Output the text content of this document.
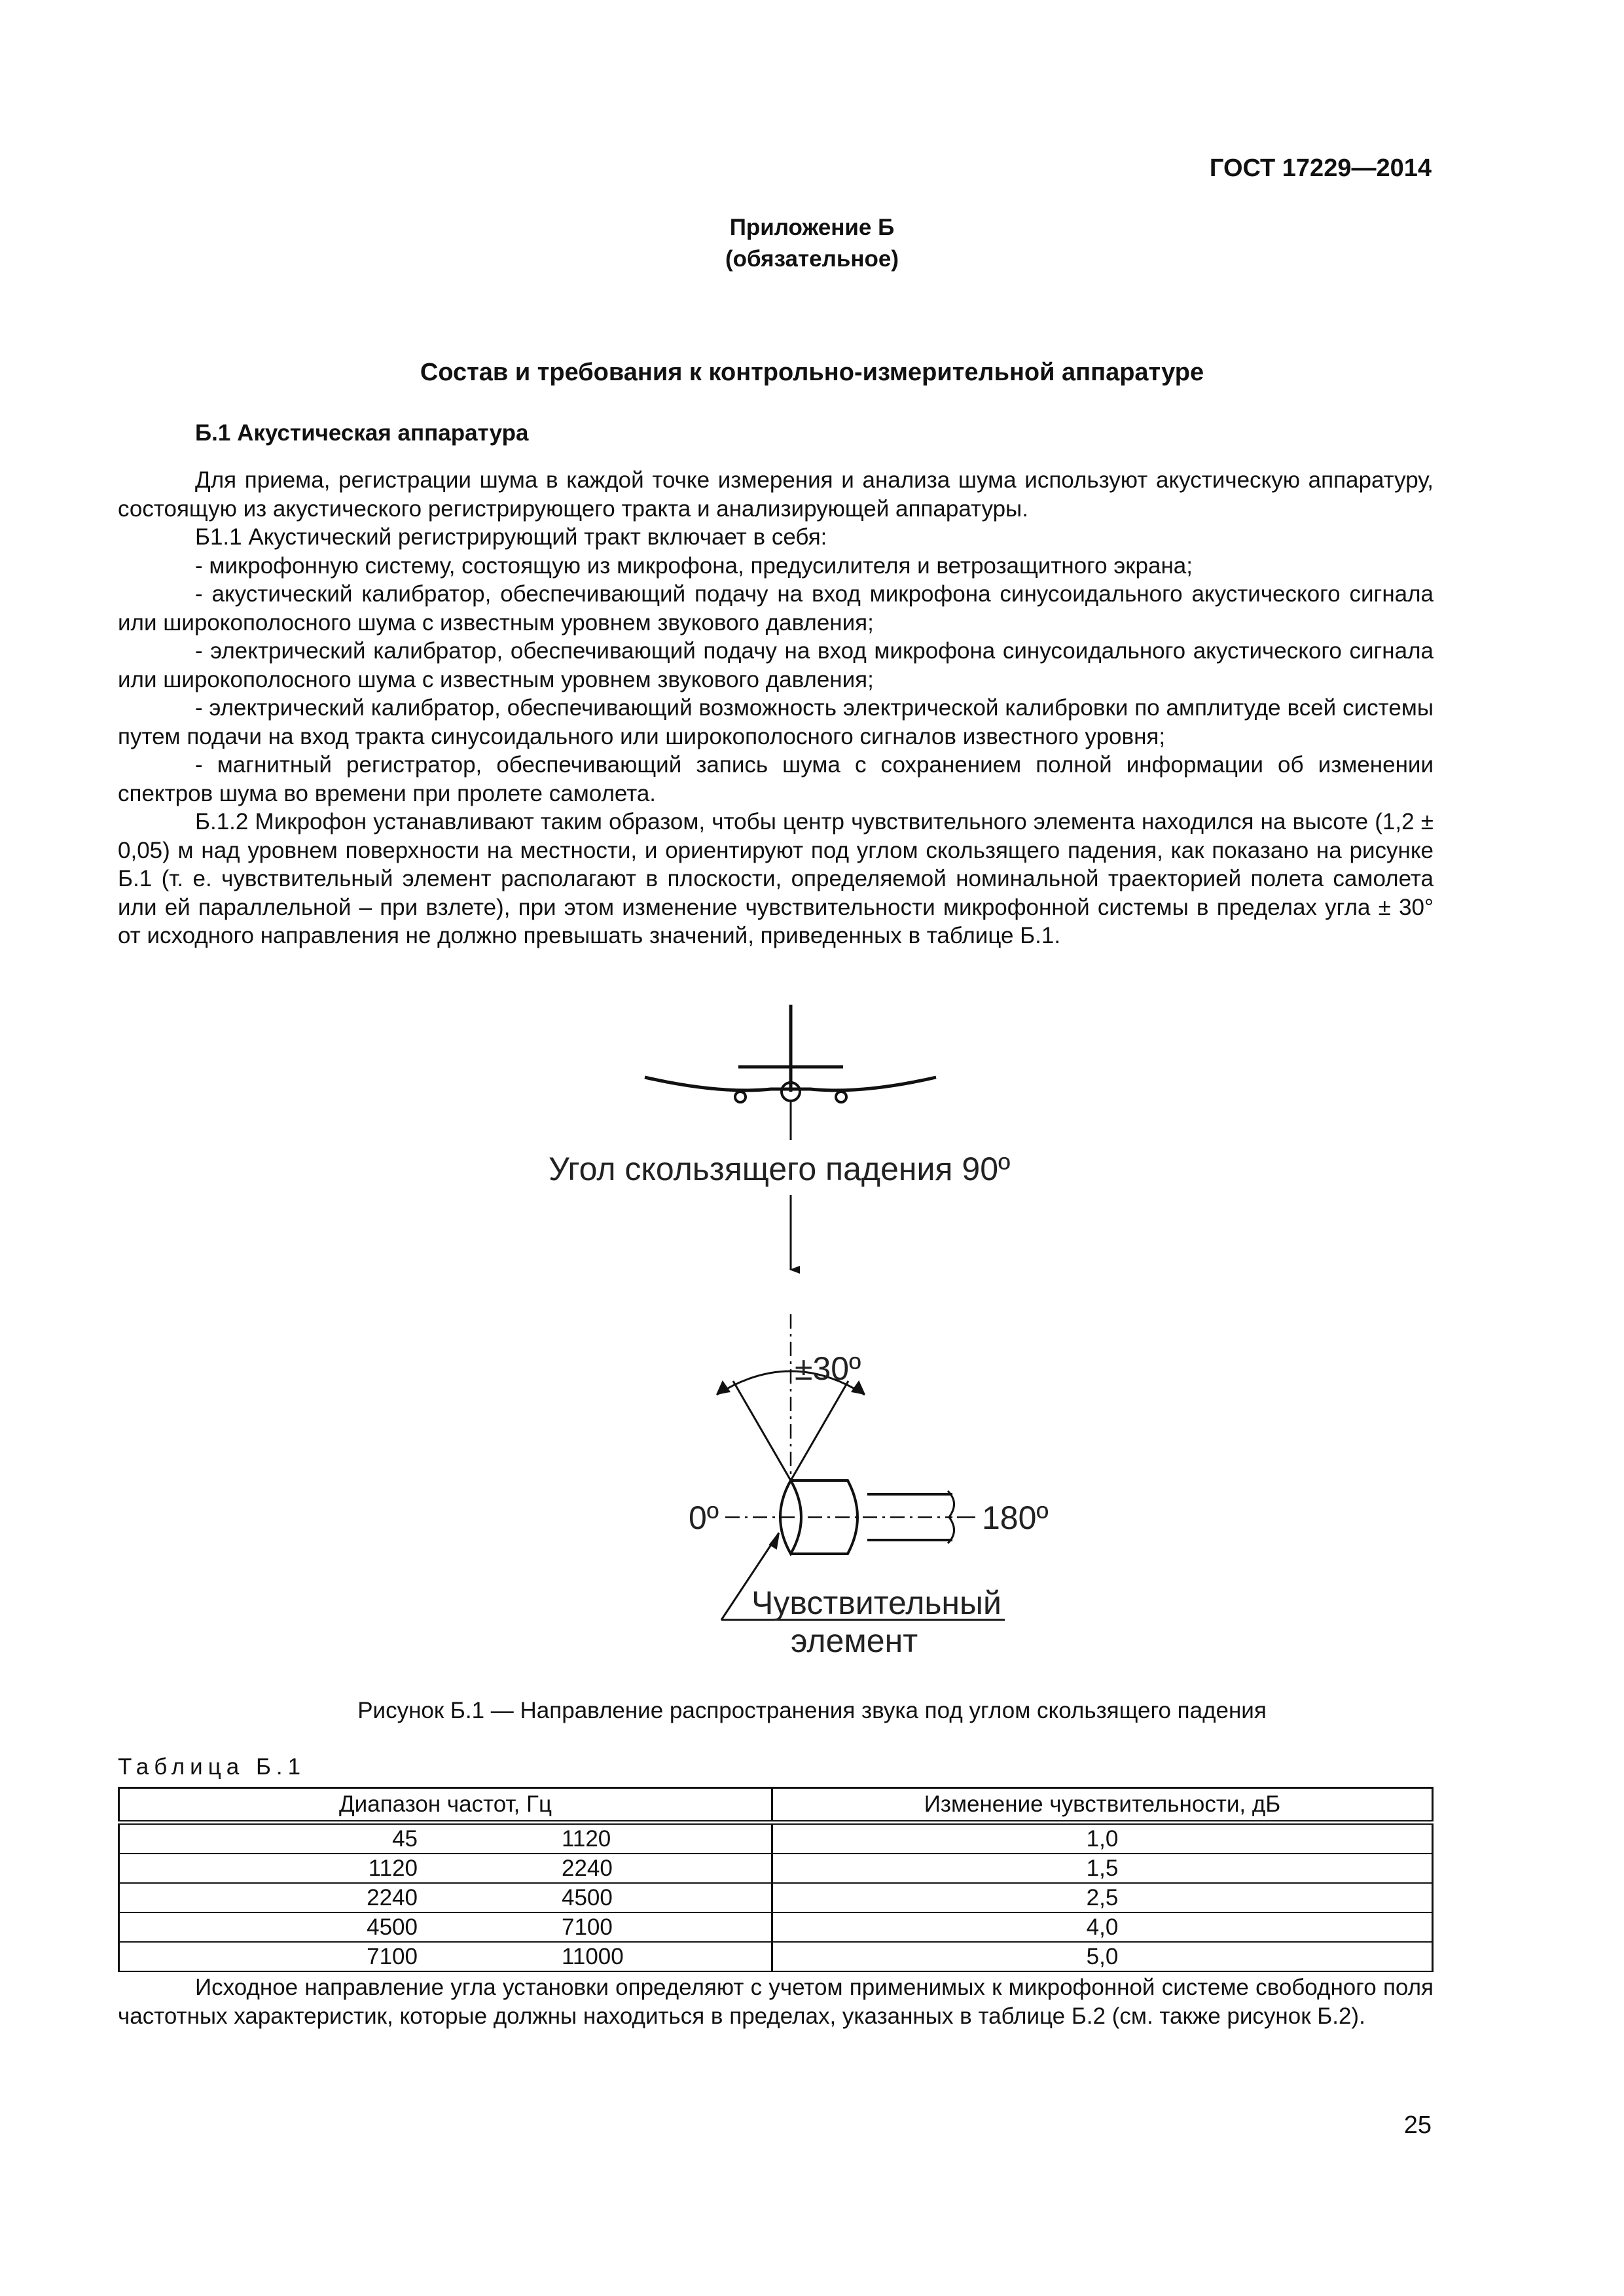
ГОСТ 17229—2014
Приложение Б
(обязательное)
Состав и требования к контрольно-измерительной аппаратуре
Б.1 Акустическая аппаратура

Для приема, регистрации шума в каждой точке измерения и анализа шума используют акустическую аппаратуру, состоящую из акустического регистрирующего тракта и анализирующей аппаратуры.

Б1.1 Акустический регистрирующий тракт включает в себя:

- микрофонную систему, состоящую из микрофона, предусилителя и ветрозащитного экрана;

- акустический калибратор, обеспечивающий подачу на вход микрофона синусоидального акустического сигнала или широкополосного шума с известным уровнем звукового давления;

- электрический калибратор, обеспечивающий подачу на вход микрофона синусоидального акустического сигнала или широкополосного шума с известным уровнем звукового давления;

- электрический калибратор, обеспечивающий возможность электрической калибровки по амплитуде всей системы путем подачи на вход тракта синусоидального или широкополосного сигналов известного уровня;

- магнитный регистратор, обеспечивающий запись шума с сохранением полной информации об изменении спектров шума во времени при пролете самолета.

Б.1.2 Микрофон устанавливают таким образом, чтобы центр чувствительного элемента находился на высоте (1,2 ± 0,05) м над уровнем поверхности на местности, и ориентируют под углом скользящего падения, как показано на рисунке Б.1 (т. е. чувствительный элемент располагают в плоскости, определяемой номинальной траекторией полета самолета или ей параллельной – при взлете), при этом изменение чувствительности микрофонной системы в пределах угла ± 30° от исходного направления не должно превышать значений, приведенных в таблице Б.1.

Угол скользящего падения 90º
±30º
0º	180º
Чувствительный
элемент
Рисунок Б.1 — Направление распространения звука под углом скользящего падения
Таблица Б.1
Диапазон частот, Гц	Изменение чувствительности, дБ

45 1120	1,0

1120 2240	1,5

2240 4500	2,5

4500 7100	4,0

7100 11000	5,0

Исходное направление угла установки определяют с учетом применимых к микрофонной системе свободного поля частотных характеристик, которые должны находиться в пределах, указанных в таблице Б.2 (см. также рисунок Б.2).

25
